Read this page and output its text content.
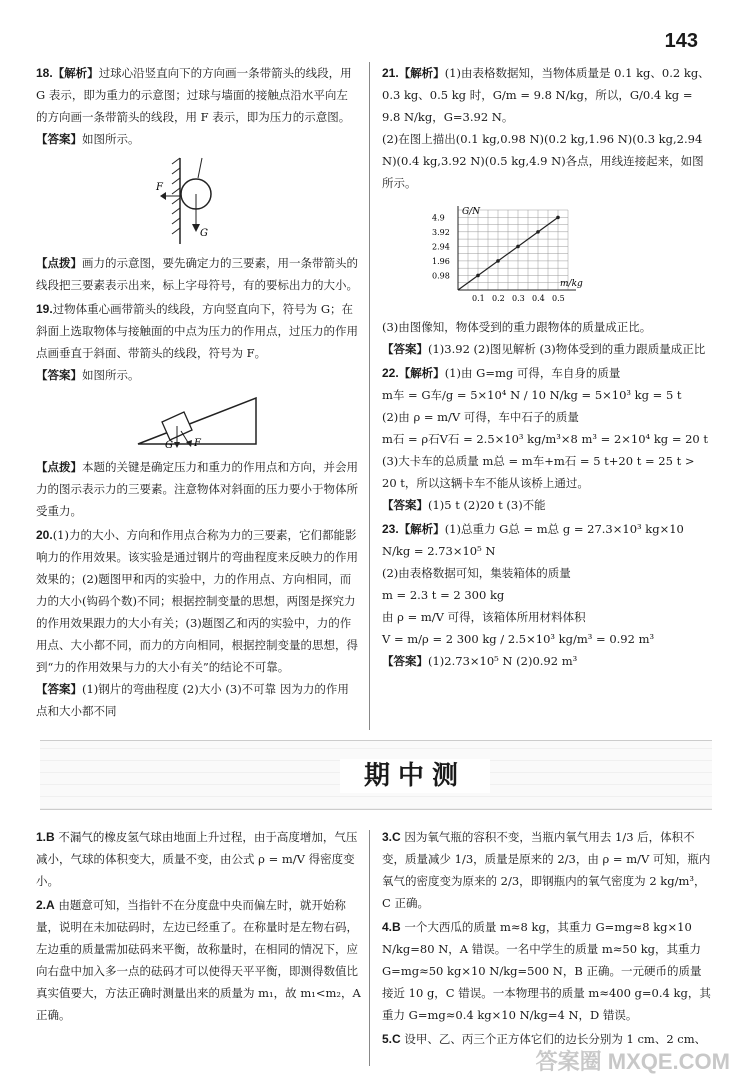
143
18.【解析】过球心沿竖直向下的方向画一条带箭头的线段，用 G 表示，即为重力的示意图；过球与墙面的接触点沿水平向左的方向画一条带箭头的线段，用 F 表示，即为压力的示意图。
【答案】如图所示。
F
G
【点拨】画力的示意图，要先确定力的三要素，用一条带箭头的线段把三要素表示出来，标上字母符号，有的要标出力的大小。
19.过物体重心画带箭头的线段，方向竖直向下，符号为 G；在斜面上选取物体与接触面的中点为压力的作用点，过压力的作用点画垂直于斜面、带箭头的线段，符号为 F。
【答案】如图所示。
G F
【点拨】本题的关键是确定压力和重力的作用点和方向，并会用力的图示表示力的三要素。注意物体对斜面的压力要小于物体所受重力。
20.(1)力的大小、方向和作用点合称为力的三要素，它们都能影响力的作用效果。该实验是通过钢片的弯曲程度来反映力的作用效果的；(2)题图甲和丙的实验中，力的作用点、方向相同，而力的大小(钩码个数)不同；根据控制变量的思想，两图是探究力的作用效果跟力的大小有关；(3)题图乙和丙的实验中，力的作用点、大小都不同，而力的方向相同，根据控制变量的思想，得到“力的作用效果与力的大小有关”的结论不可靠。
【答案】(1)钢片的弯曲程度 (2)大小 (3)不可靠 因为力的作用点和大小都不同
21.【解析】(1)由表格数据知，当物体质量是 0.1 kg、0.2 kg、0.3 kg、0.5 kg 时，G/m = 9.8 N/kg，所以，G/0.4 kg = 9.8 N/kg，G=3.92 N。
(2)在图上描出(0.1 kg,0.98 N)(0.2 kg,1.96 N)(0.3 kg,2.94 N)(0.4 kg,3.92 N)(0.5 kg,4.9 N)各点，用线连接起来，如图所示。
m/kg
G/N
0.1 0.2 0.3 0.4 0.5
0.98
1.96
2.94
3.92
4.9
(3)由图像知，物体受到的重力跟物体的质量成正比。
【答案】(1)3.92 (2)图见解析 (3)物体受到的重力跟质量成正比
22.【解析】(1)由 G=mg 可得，车自身的质量
m车 = G车/g = 5×10⁴ N / 10 N/kg = 5×10³ kg = 5 t
(2)由 ρ = m/V 可得，车中石子的质量
m石 = ρ石V石 = 2.5×10³ kg/m³×8 m³ = 2×10⁴ kg = 20 t
(3)大卡车的总质量 m总 = m车+m石 = 5 t+20 t = 25 t > 20 t，所以这辆卡车不能从该桥上通过。
【答案】(1)5 t (2)20 t (3)不能
23.【解析】(1)总重力 G总 = m总 g = 27.3×10³ kg×10 N/kg = 2.73×10⁵ N
(2)由表格数据可知，集装箱体的质量
m = 2.3 t = 2 300 kg
由 ρ = m/V 可得，该箱体所用材料体积
V = m/ρ = 2 300 kg / 2.5×10³ kg/m³ = 0.92 m³
【答案】(1)2.73×10⁵ N (2)0.92 m³
期中测
1.B 不漏气的橡皮氢气球由地面上升过程，由于高度增加，气压减小，气球的体积变大，质量不变，由公式 ρ = m/V 得密度变小。
2.A 由题意可知，当指针不在分度盘中央而偏左时，就开始称量，说明在未加砝码时，左边已经重了。在称量时是左物右码，左边重的质量需加砝码来平衡，故称量时，在相同的情况下，应向右盘中加入多一点的砝码才可以使得天平平衡，即测得数值比真实值要大，方法正确时测量出来的质量为 m₁，故 m₁<m₂，A 正确。
3.C 因为氧气瓶的容积不变，当瓶内氧气用去 1/3 后，体积不变，质量减少 1/3，质量是原来的 2/3，由 ρ = m/V 可知，瓶内氧气的密度变为原来的 2/3，即钢瓶内的氧气密度为 2 kg/m³，C 正确。
4.B 一个大西瓜的质量 m≈8 kg，其重力 G=mg≈8 kg×10 N/kg=80 N，A 错误。一名中学生的质量 m≈50 kg，其重力 G=mg≈50 kg×10 N/kg=500 N，B 正确。一元硬币的质量接近 10 g，C 错误。一本物理书的质量 m≈400 g=0.4 kg，其重力 G=mg≈0.4 kg×10 N/kg=4 N，D 错误。
5.C 设甲、乙、丙三个正方体它们的边长分别为 1 cm、2 cm、
答案圈 MXQE.COM
